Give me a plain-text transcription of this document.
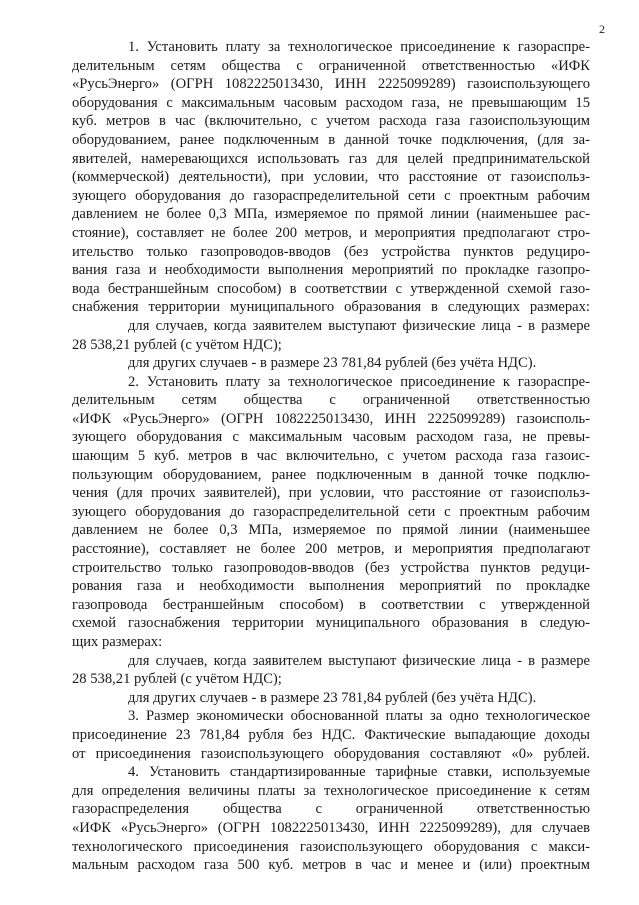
2
1. Установить плату за технологическое присоединение к газораспре-
делительным сетям общества с ограниченной ответственностью «ИФК
«РусьЭнерго» (ОГРН 1082225013430, ИНН 2225099289) газоиспользующего
оборудования с максимальным часовым расходом газа, не превышающим 15
куб. метров в час (включительно, с учетом расхода газа газоиспользующим
оборудованием, ранее подключенным в данной точке подключения, (для за-
явителей, намеревающихся использовать газ для целей предпринимательской
(коммерческой) деятельности), при условии, что расстояние от газоиспольз-
зующего оборудования до газораспределительной сети с проектным рабочим
давлением не более 0,3 МПа, измеряемое по прямой линии (наименьшее рас-
стояние), составляет не более 200 метров, и мероприятия предполагают стро-
ительство только газопроводов-вводов (без устройства пунктов редуциро-
вания газа и необходимости выполнения мероприятий по прокладке газопро-
вода бестраншейным способом) в соответствии с утвержденной схемой газо-
снабжения территории муниципального образования в следующих размерах:
для случаев, когда заявителем выступают физические лица - в размере
28 538,21 рублей (с учётом НДС);
для других случаев - в размере 23 781,84 рублей (без учёта НДС).
2. Установить плату за технологическое присоединение к газораспре-
делительным сетям общества с ограниченной ответственностью
«ИФК «РусьЭнерго» (ОГРН 1082225013430, ИНН 2225099289) газоисполь-
зующего оборудования с максимальным часовым расходом газа, не превы-
шающим 5 куб. метров в час включительно, с учетом расхода газа газоис-
пользующим оборудованием, ранее подключенным в данной точке подклю-
чения (для прочих заявителей), при условии, что расстояние от газоиспольз-
зующего оборудования до газораспределительной сети с проектным рабочим
давлением не более 0,3 МПа, измеряемое по прямой линии (наименьшее
расстояние), составляет не более 200 метров, и мероприятия предполагают
строительство только газопроводов-вводов (без устройства пунктов редуци-
рования газа и необходимости выполнения мероприятий по прокладке
газопровода бестраншейным способом) в соответствии с утвержденной
схемой газоснабжения территории муниципального образования в следую-
щих размерах:
для случаев, когда заявителем выступают физические лица - в размере
28 538,21 рублей (с учётом НДС);
для других случаев - в размере 23 781,84 рублей (без учёта НДС).
3. Размер экономически обоснованной платы за одно технологическое
присоединение 23 781,84 рубля без НДС. Фактические выпадающие доходы
от присоединения газоиспользующего оборудования составляют «0» рублей.
4. Установить стандартизированные тарифные ставки, используемые
для определения величины платы за технологическое присоединение к сетям
газораспределения общества с ограниченной ответственностью
«ИФК «РусьЭнерго» (ОГРН 1082225013430, ИНН 2225099289), для случаев
технологического присоединения газоиспользующего оборудования с макси-
мальным расходом газа 500 куб. метров в час и менее и (или) проектным
